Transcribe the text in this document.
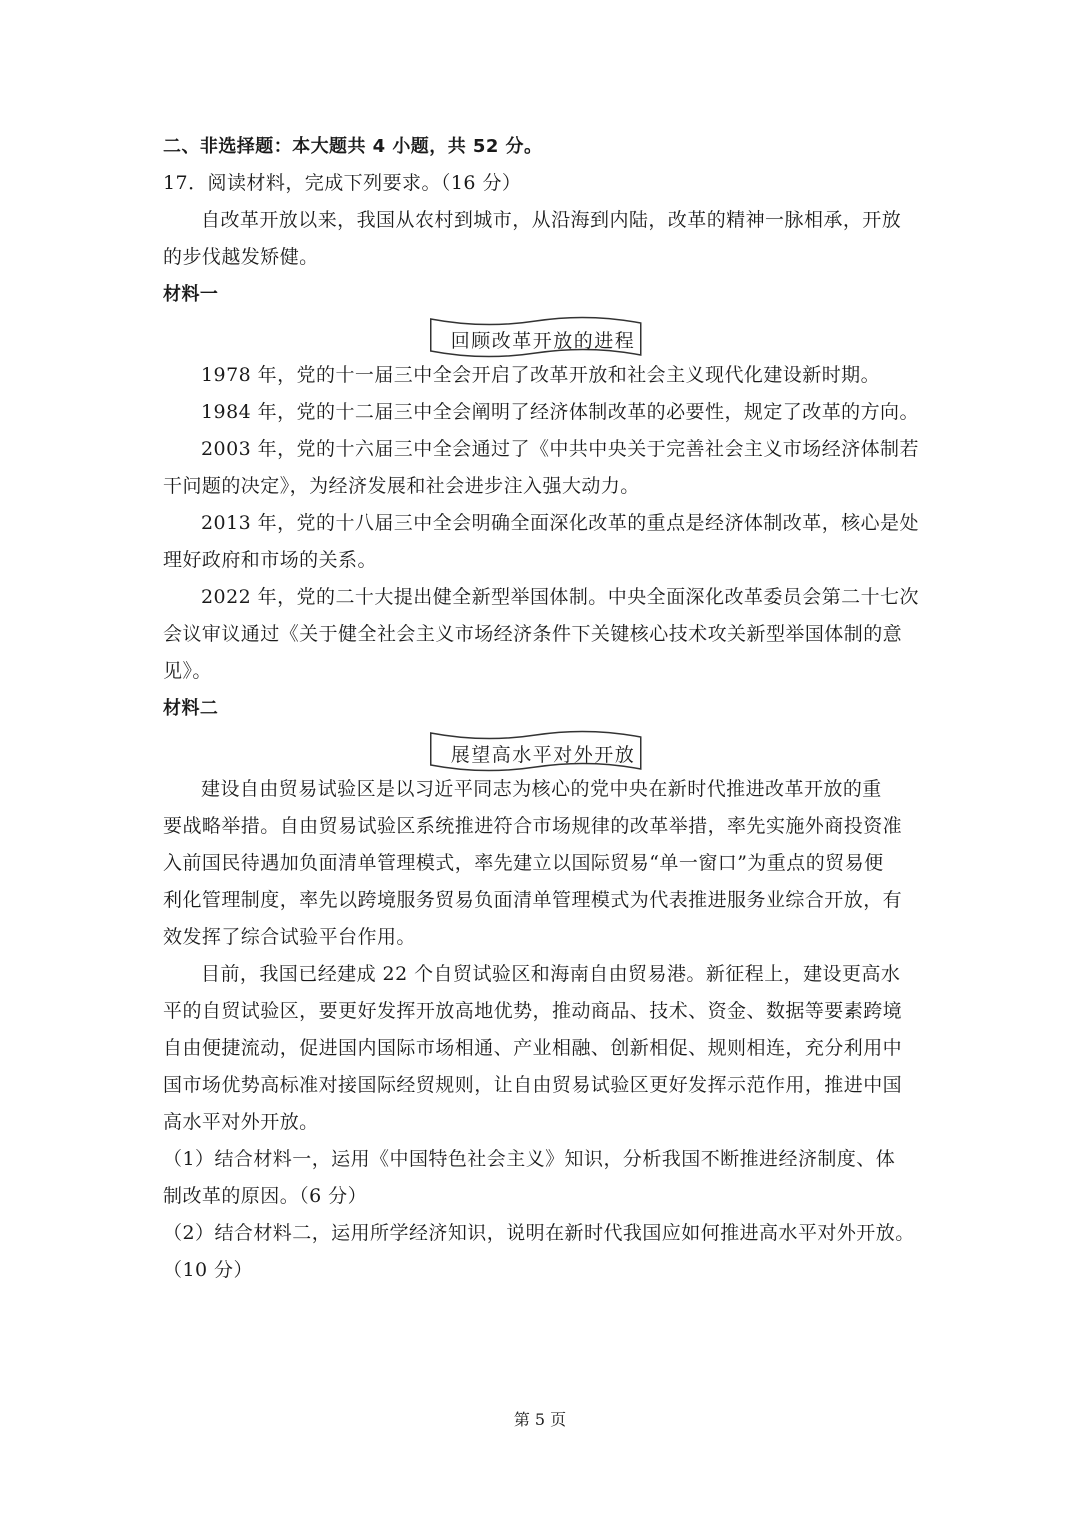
二、非选择题：本大题共 4 小题，共 52 分。
17．阅读材料，完成下列要求。（16 分）
自改革开放以来，我国从农村到城市，从沿海到内陆，改革的精神一脉相承，开放
的步伐越发矫健。
材料一
回顾改革开放的进程
1978 年，党的十一届三中全会开启了改革开放和社会主义现代化建设新时期。
1984 年，党的十二届三中全会阐明了经济体制改革的必要性，规定了改革的方向。
2003 年，党的十六届三中全会通过了《中共中央关于完善社会主义市场经济体制若
干问题的决定》，为经济发展和社会进步注入强大动力。
2013 年，党的十八届三中全会明确全面深化改革的重点是经济体制改革，核心是处
理好政府和市场的关系。
2022 年，党的二十大提出健全新型举国体制。中央全面深化改革委员会第二十七次
会议审议通过《关于健全社会主义市场经济条件下关键核心技术攻关新型举国体制的意
见》。
材料二
展望高水平对外开放
建设自由贸易试验区是以习近平同志为核心的党中央在新时代推进改革开放的重
要战略举措。自由贸易试验区系统推进符合市场规律的改革举措，率先实施外商投资准
入前国民待遇加负面清单管理模式，率先建立以国际贸易“单一窗口”为重点的贸易便
利化管理制度，率先以跨境服务贸易负面清单管理模式为代表推进服务业综合开放，有
效发挥了综合试验平台作用。
目前，我国已经建成 22 个自贸试验区和海南自由贸易港。新征程上，建设更高水
平的自贸试验区，要更好发挥开放高地优势，推动商品、技术、资金、数据等要素跨境
自由便捷流动，促进国内国际市场相通、产业相融、创新相促、规则相连，充分利用中
国市场优势高标准对接国际经贸规则，让自由贸易试验区更好发挥示范作用，推进中国
高水平对外开放。
（1）结合材料一，运用《中国特色社会主义》知识，分析我国不断推进经济制度、体
制改革的原因。（6 分）
（2）结合材料二，运用所学经济知识，说明在新时代我国应如何推进高水平对外开放。
（10 分）
第 5 页
